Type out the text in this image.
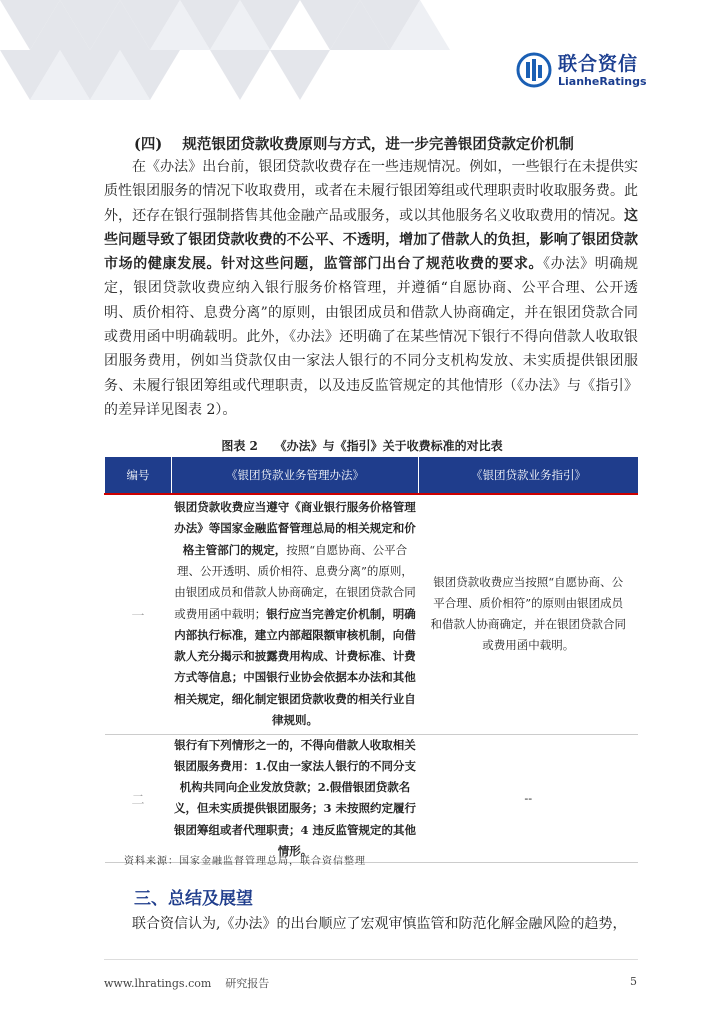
联合资信
LianheRatings
(四)    规范银团贷款收费原则与方式，进一步完善银团贷款定价机制
在《办法》出台前，银团贷款收费存在一些违规情况。例如，一些银行在未提供实质性银团服务的情况下收取费用，或者在未履行银团筹组或代理职责时收取服务费。此外，还存在银行强制搭售其他金融产品或服务，或以其他服务名义收取费用的情况。这些问题导致了银团贷款收费的不公平、不透明，增加了借款人的负担，影响了银团贷款市场的健康发展。针对这些问题，监管部门出台了规范收费的要求。《办法》明确规定，银团贷款收费应纳入银行服务价格管理，并遵循“自愿协商、公平合理、公开透明、质价相符、息费分离”的原则，由银团成员和借款人协商确定，并在银团贷款合同或费用函中明确载明。此外，《办法》还明确了在某些情况下银行不得向借款人收取银团服务费用，例如当贷款仅由一家法人银行的不同分支机构发放、未实质提供银团服务、未履行银团筹组或代理职责，以及违反监管规定的其他情形（《办法》与《指引》的差异详见图表 2）。
图表 2    《办法》与《指引》关于收费标准的对比表
编号	《银团贷款业务管理办法》	《银团贷款业务指引》
一	银团贷款收费应当遵守《商业银行服务价格管理办法》等国家金融监督管理总局的相关规定和价格主管部门的规定，按照“自愿协商、公平合理、公开透明、质价相符、息费分离”的原则，由银团成员和借款人协商确定，在银团贷款合同或费用函中载明；银行应当完善定价机制，明确内部执行标准，建立内部超限额审核机制，向借款人充分揭示和披露费用构成、计费标准、计费方式等信息；中国银行业协会依据本办法和其他相关规定，细化制定银团贷款收费的相关行业自律规则。	银团贷款收费应当按照“自愿协商、公平合理、质价相符”的原则由银团成员和借款人协商确定，并在银团贷款合同或费用函中载明。
二	银行有下列情形之一的，不得向借款人收取相关银团服务费用：1.仅由一家法人银行的不同分支机构共同向企业发放贷款；2.假借银团贷款名义，但未实质提供银团服务；3 未按照约定履行银团筹组或者代理职责；4 违反监管规定的其他情形。	--
资料来源：国家金融监督管理总局，联合资信整理
三、总结及展望
联合资信认为,《办法》的出台顺应了宏观审慎监管和防范化解金融风险的趋势，
www.lhratings.com    研究报告	5
